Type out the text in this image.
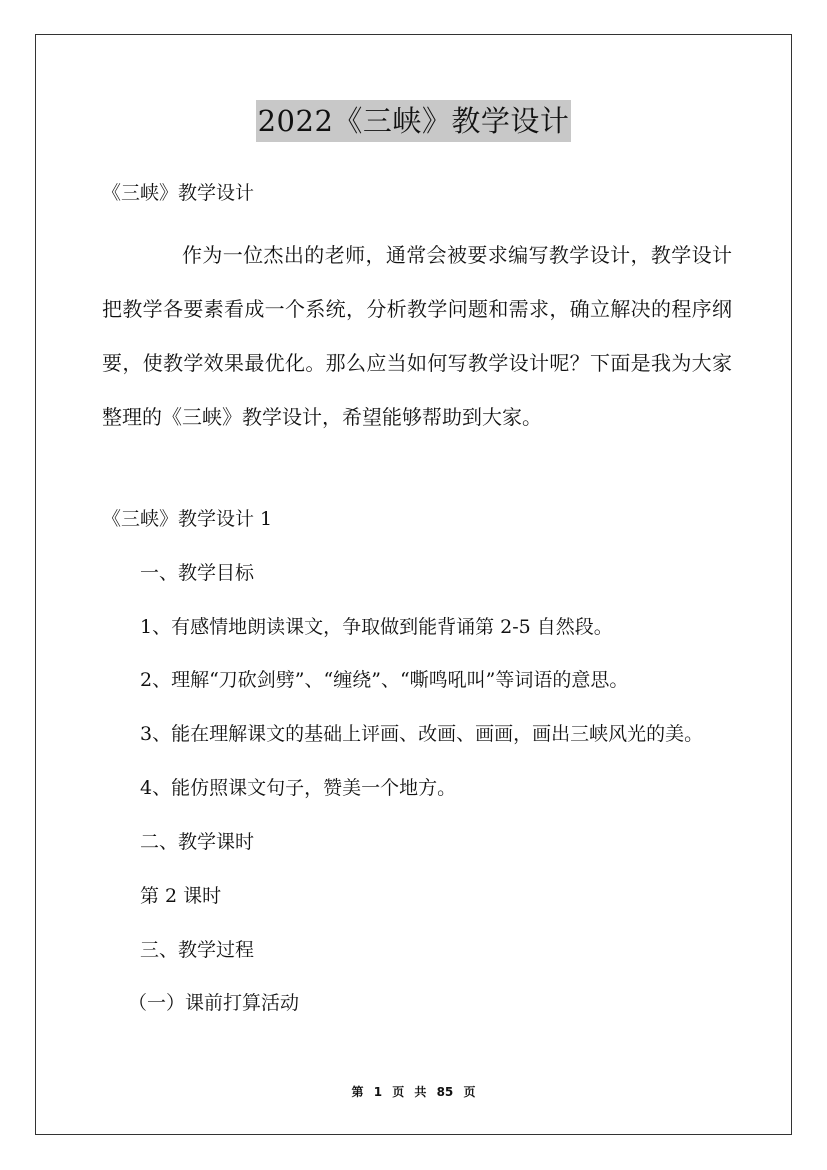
2022《三峡》教学设计
《三峡》教学设计

作为一位杰出的老师，通常会被要求编写教学设计，教学设计把教学各要素看成一个系统，分析教学问题和需求，确立解决的程序纲要，使教学效果最优化。那么应当如何写教学设计呢？下面是我为大家整理的《三峡》教学设计，希望能够帮助到大家。

《三峡》教学设计 1
一、教学目标
1、有感情地朗读课文，争取做到能背诵第 2-5 自然段。
2、理解“刀砍剑劈”、“缠绕”、“嘶鸣吼叫”等词语的意思。
3、能在理解课文的基础上评画、改画、画画，画出三峡风光的美。
4、能仿照课文句子，赞美一个地方。
二、教学课时
第 2 课时
三、教学过程
（一）课前打算活动
第 1 页 共 85 页
